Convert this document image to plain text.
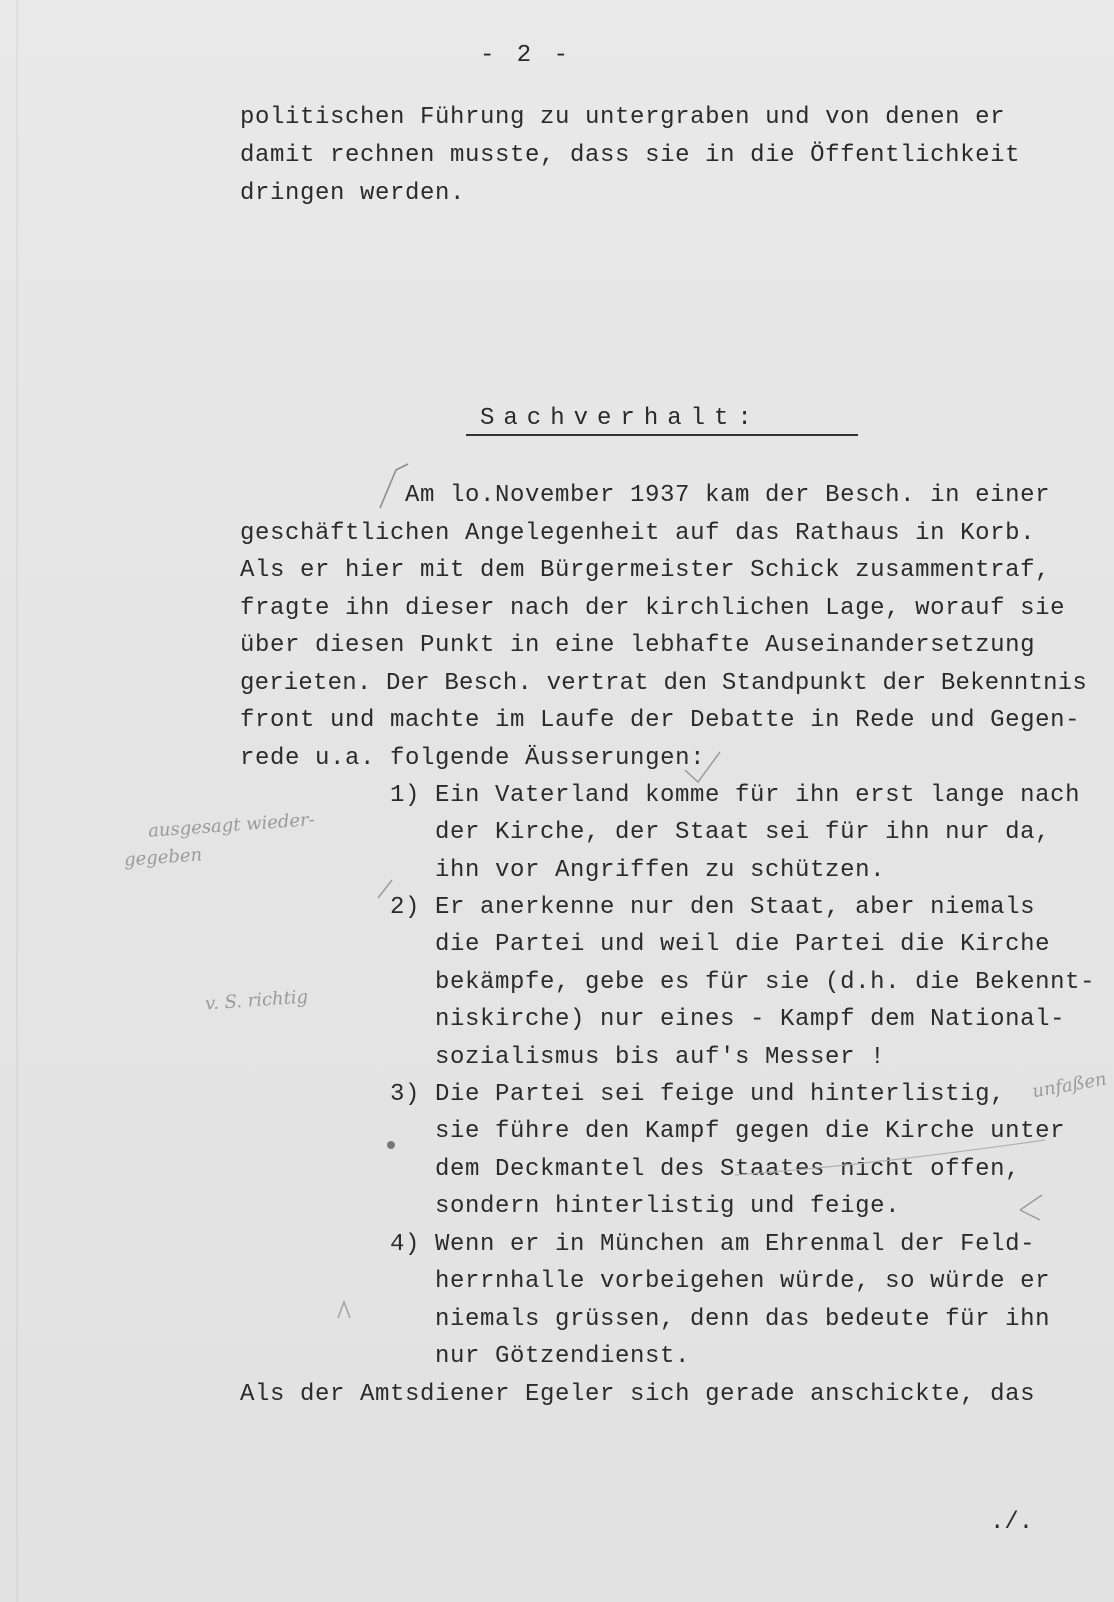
- 2 -
politischen Führung zu untergraben und von denen er
damit rechnen musste, dass sie in die Öffentlichkeit
dringen werden.
Sachverhalt:
Am lo.November 1937 kam der Besch. in einer
geschäftlichen Angelegenheit auf das Rathaus in Korb.
Als er hier mit dem Bürgermeister Schick zusammentraf,
fragte ihn dieser nach der kirchlichen Lage, worauf sie
über diesen Punkt in eine lebhafte Auseinandersetzung
gerieten. Der Besch. vertrat den Standpunkt der Bekenntnis
front und machte im Laufe der Debatte in Rede und Gegen-
rede u.a. folgende Äusserungen:
1) Ein Vaterland komme für ihn erst lange nach
der Kirche, der Staat sei für ihn nur da,
ihn vor Angriffen zu schützen.
2) Er anerkenne nur den Staat, aber niemals
die Partei und weil die Partei die Kirche
bekämpfe, gebe es für sie (d.h. die Bekennt-
niskirche) nur eines - Kampf dem National-
sozialismus bis auf's Messer !
3) Die Partei sei feige und hinterlistig,
sie führe den Kampf gegen die Kirche unter
dem Deckmantel des Staates nicht offen,
sondern hinterlistig und feige.
4) Wenn er in München am Ehrenmal der Feld-
herrnhalle vorbeigehen würde, so würde er
niemals grüssen, denn das bedeute für ihn
nur Götzendienst.
Als der Amtsdiener Egeler sich gerade anschickte, das
./.
ausgesagt wieder-
gegeben
v. S. richtig
unfaßen
